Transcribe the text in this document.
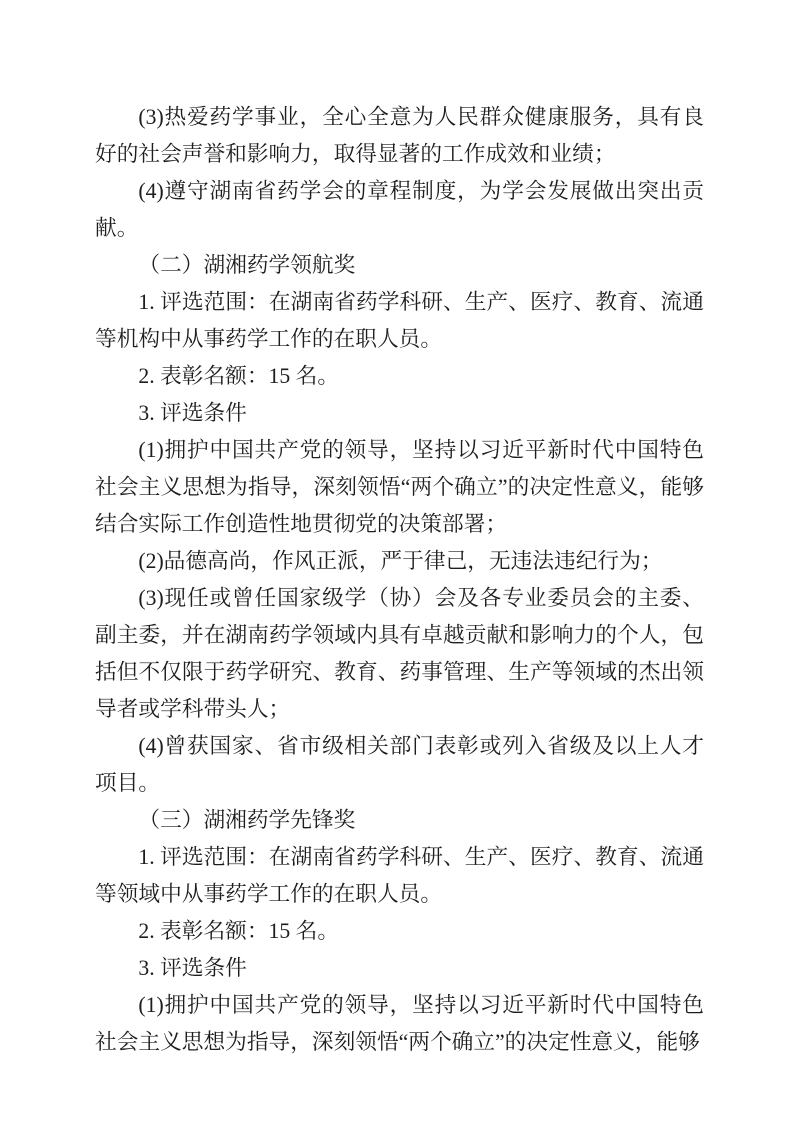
(3)热爱药学事业，全心全意为人民群众健康服务，具有良好的社会声誉和影响力，取得显著的工作成效和业绩；

(4)遵守湖南省药学会的章程制度，为学会发展做出突出贡献。

（二）湖湘药学领航奖

1. 评选范围：在湖南省药学科研、生产、医疗、教育、流通等机构中从事药学工作的在职人员。

2. 表彰名额：15 名。

3. 评选条件

(1)拥护中国共产党的领导，坚持以习近平新时代中国特色社会主义思想为指导，深刻领悟“两个确立”的决定性意义，能够结合实际工作创造性地贯彻党的决策部署；

(2)品德高尚，作风正派，严于律己，无违法违纪行为；

(3)现任或曾任国家级学（协）会及各专业委员会的主委、副主委，并在湖南药学领域内具有卓越贡献和影响力的个人，包括但不仅限于药学研究、教育、药事管理、生产等领域的杰出领导者或学科带头人；

(4)曾获国家、省市级相关部门表彰或列入省级及以上人才项目。

（三）湖湘药学先锋奖

1. 评选范围：在湖南省药学科研、生产、医疗、教育、流通等领域中从事药学工作的在职人员。

2. 表彰名额：15 名。

3. 评选条件

(1)拥护中国共产党的领导，坚持以习近平新时代中国特色社会主义思想为指导，深刻领悟“两个确立”的决定性意义，能够
